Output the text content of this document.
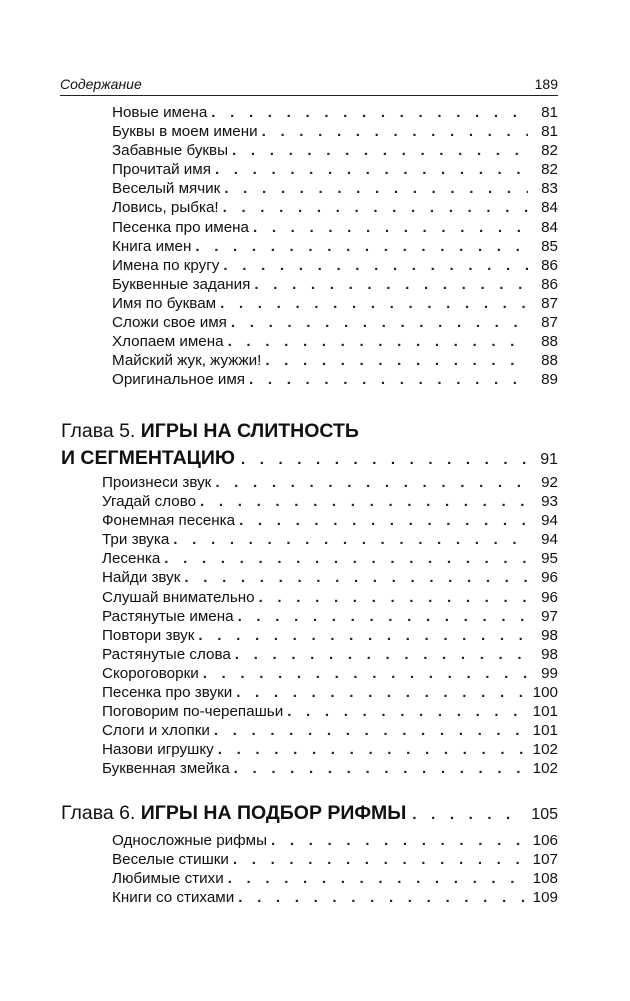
Содержание	189
Новые имена . . .	81
Буквы в моем имени . . .	81
Забавные буквы . . .	82
Прочитай имя . . .	82
Веселый мячик . . .	83
Ловись, рыбка! . . .	84
Песенка про имена . . .	84
Книга имен . . .	85
Имена по кругу . . .	86
Буквенные задания . . .	86
Имя по буквам . . .	87
Сложи свое имя . . .	87
Хлопаем имена . . .	88
Майский жук, жужжи! . . .	88
Оригинальное имя . . .	89
Глава 5.
ИГРЫ НА СЛИТНОСТЬ
И СЕГМЕНТАЦИЮ . . .	91
Произнеси звук . . .	92
Угадай слово . . .	93
Фонемная песенка . . .	94
Три звука . . .	94
Лесенка . . .	95
Найди звук . . .	96
Слушай внимательно . . .	96
Растянутые имена . . .	97
Повтори звук . . .	98
Растянутые слова . . .	98
Скороговорки . . .	99
Песенка про звуки . . .	100
Поговорим по-черепашьи . . .	101
Слоги и хлопки . . .	101
Назови игрушку . . .	102
Буквенная змейка . . .	102
Глава 6.
ИГРЫ НА ПОДБОР РИФМЫ . . .	105
Односложные рифмы . . .	106
Веселые стишки . . .	107
Любимые стихи . . .	108
Книги со стихами . . .	109
